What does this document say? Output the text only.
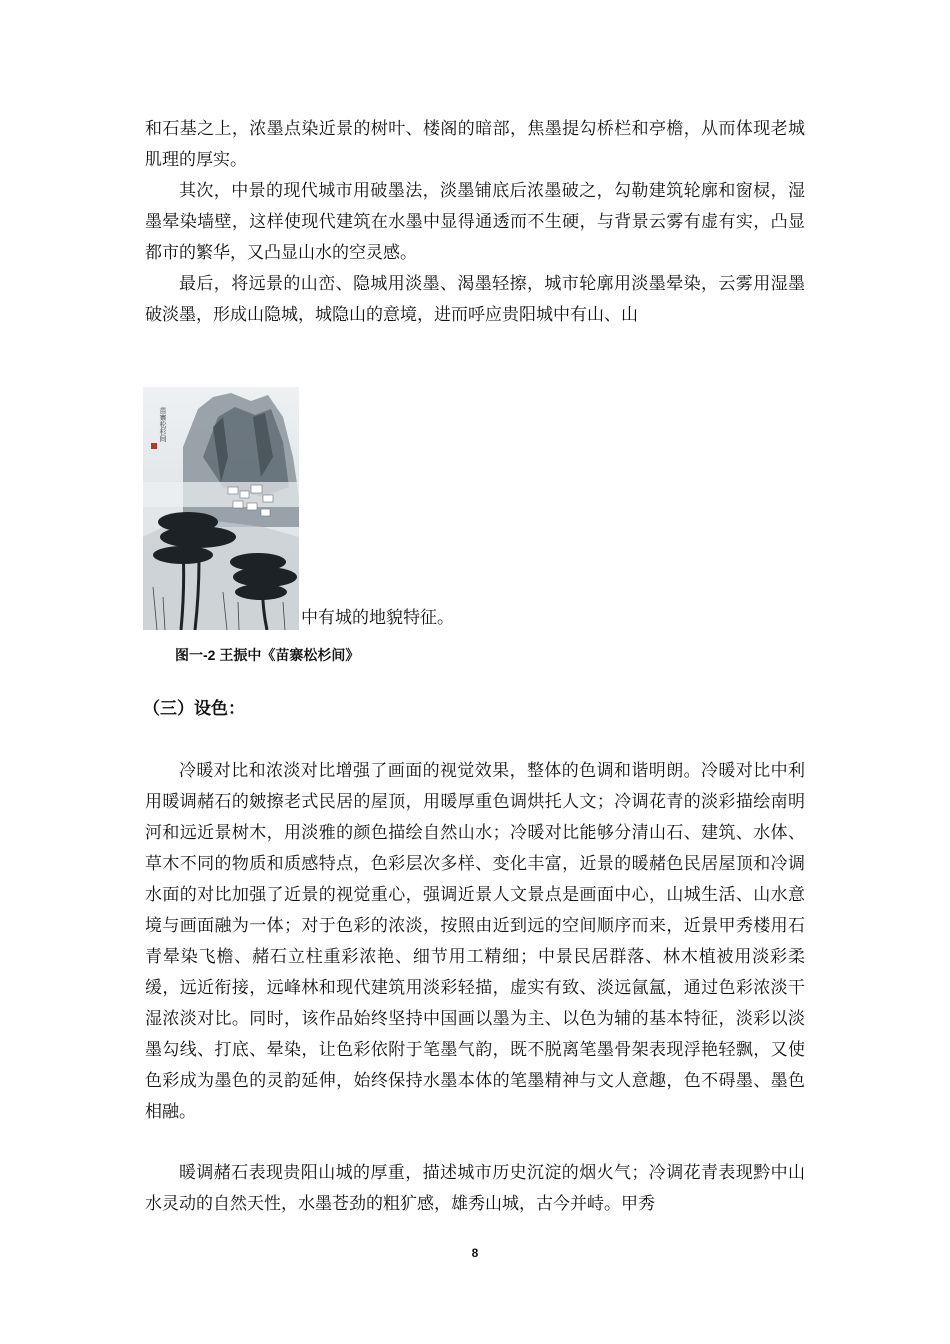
和石基之上，浓墨点染近景的树叶、楼阁的暗部，焦墨提勾桥栏和亭檐，从而体现老城肌理的厚实。

其次，中景的现代城市用破墨法，淡墨铺底后浓墨破之，勾勒建筑轮廓和窗棂，湿墨晕染墙壁，这样使现代建筑在水墨中显得通透而不生硬，与背景云雾有虚有实，凸显都市的繁华，又凸显山水的空灵感。

最后，将远景的山峦、隐城用淡墨、渴墨轻擦，城市轮廓用淡墨晕染，云雾用湿墨破淡墨，形成山隐城，城隐山的意境，进而呼应贵阳城中有山、山

苗寨松杉间

中有城的地貌特征。

图一-2 王振中《苗寨松杉间》

（三）设色：

冷暖对比和浓淡对比增强了画面的视觉效果，整体的色调和谐明朗。冷暖对比中利用暖调赭石的皴擦老式民居的屋顶，用暖厚重色调烘托人文；冷调花青的淡彩描绘南明河和远近景树木，用淡雅的颜色描绘自然山水；冷暖对比能够分清山石、建筑、水体、草木不同的物质和质感特点，色彩层次多样、变化丰富，近景的暖赭色民居屋顶和冷调水面的对比加强了近景的视觉重心，强调近景人文景点是画面中心，山城生活、山水意境与画面融为一体；对于色彩的浓淡，按照由近到远的空间顺序而来，近景甲秀楼用石青晕染飞檐、赭石立柱重彩浓艳、细节用工精细；中景民居群落、林木植被用淡彩柔缓，远近衔接，远峰林和现代建筑用淡彩轻描，虚实有致、淡远氤氲，通过色彩浓淡干湿浓淡对比。同时，该作品始终坚持中国画以墨为主、以色为辅的基本特征，淡彩以淡墨勾线、打底、晕染，让色彩依附于笔墨气韵，既不脱离笔墨骨架表现浮艳轻飘，又使色彩成为墨色的灵韵延伸，始终保持水墨本体的笔墨精神与文人意趣，色不碍墨、墨色相融。

暖调赭石表现贵阳山城的厚重，描述城市历史沉淀的烟火气；冷调花青表现黔中山水灵动的自然天性，水墨苍劲的粗犷感，雄秀山城，古今并峙。甲秀

8
